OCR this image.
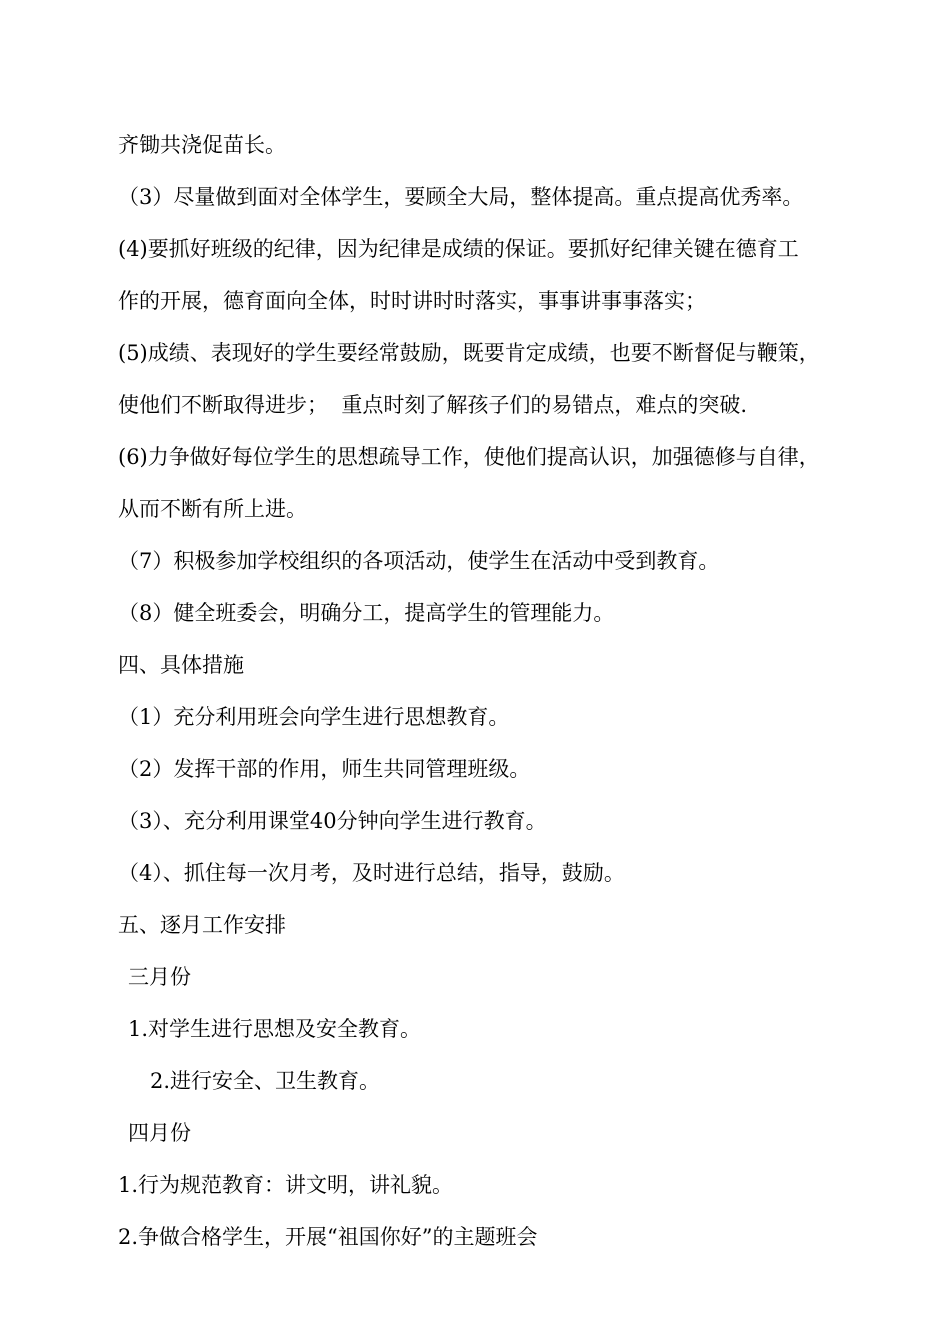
齐锄共浇促苗长。

（3）尽量做到面对全体学生，要顾全大局，整体提高。重点提高优秀率。

(4)要抓好班级的纪律，因为纪律是成绩的保证。要抓好纪律关键在德育工

作的开展，德育面向全体，时时讲时时落实，事事讲事事落实；

(5)成绩、表现好的学生要经常鼓励，既要肯定成绩，也要不断督促与鞭策，

使他们不断取得进步；  重点时刻了解孩子们的易错点，难点的突破.

(6)力争做好每位学生的思想疏导工作，使他们提高认识，加强德修与自律，

从而不断有所上进。

（7）积极参加学校组织的各项活动，使学生在活动中受到教育。

（8）健全班委会，明确分工，提高学生的管理能力。

四、具体措施

（1）充分利用班会向学生进行思想教育。

（2）发挥干部的作用，师生共同管理班级。

（3）、充分利用课堂40分钟向学生进行教育。

（4）、抓住每一次月考，及时进行总结，指导，鼓励。

五、逐月工作安排

三月份

1.对学生进行思想及安全教育。

2.进行安全、卫生教育。

四月份

1.行为规范教育：讲文明，讲礼貌。

2.争做合格学生，开展“祖国你好”的主题班会
